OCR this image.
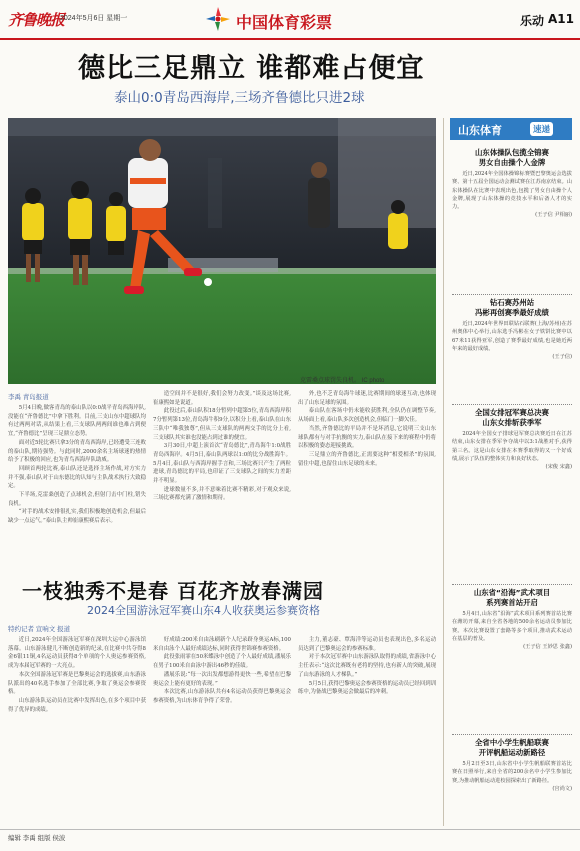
齐鲁晚报
2024年5月6日 星期一	中国体育彩票	乐动 A11
德比三足鼎立 谁都难占便宜
泰山0:0青岛西海岸,三场齐鲁德比只进2球
克雷桑点球罚失良机。 IC photo
李禹 青岛报道

5月4日晚,做客青岛的泰山队以0:0战平青岛西海岸队,没能在“齐鲁德比”中拿下胜利。目前,三支山东中超球队均有过两两对话,从结果上看,三支球队两两间谁也难占到便宜,“齐鲁德比”呈现三足鼎立态势。

面对近5轮比赛只拿3分的青岛西海岸,已经遭受三连败的泰山队,期待强势。与此同时,2000余名主场球迷的热情给予了积极的回应,也为青鸟西海岸队助威。

回顾首两轮比赛,泰山队还是选择主场作战,对方实力并不强,泰山队对于山东德比的认知与主队战术执行大致稳定。

下半场,克雷桑创造了点球机会,但射门击中门柱,错失良机。

“对手的战术安排很扎实,我们积极地创造机会,但最后缺少一点运气。”泰山队主帅崔康熙赛后表示。

造空间并不是很好,我们会努力改变。”谈及这场比赛,崔康熙如是说道。

此役过后,泰山队积18分暂列中超第5位,青岛西海岸积7分暂列第13位,青岛海牛积9分,以积分上看,泰山队在山东三队中“唯我独尊”,但从三支球队的两两交手的比分上看,三支球队其实谁也没能占到过谁的便宜。

3月30日,中超上演首次“青岛德比”,青岛海牛1:0战胜青岛西海岸。4月5日,泰山队两球以1:0的比分战胜海牛。5月4日,泰山队与西海岸握手言和,三场比赛只产生了两粒进球,青岛德比的平局,也印证了三支球队之间的实力差距并不明显。

进球数量不多,并不意味着比赛不精彩,对于观众来说,三场比赛都充满了激情和期待。

外,也不乏青岛海牛球迷,比赛期间的球迷互动,也体现出了山东足球的氛围。

泰山队在客场中仍未能收获胜利,全队仍在调整节奏,从场面上看,泰山队多次创造机会,但临门一脚欠佳。

当然,齐鲁德比的平局并不是坏消息,它说明三支山东球队都有与对手抗衡的实力,泰山队在接下来的赛程中仍将以积极的姿态迎接挑战。

三足鼎立的齐鲁德比,正需要这种“相爱相杀”的氛围,留住中超,也留住山东足球的未来。

一枝独秀不是春 百花齐放春满园
2024全国游泳冠军赛山东4人收获奥运参赛资格
特约记者 宣响文 报道

近日,2024年全国游泳冠军赛在深圳大运中心游泳馆落幕。山东游泳健儿不断创造新的纪录,在比赛中共夺得8金6银11铜,4名运动员获得8个单项的个人奥运参赛资格,成为本届冠军赛的一大亮点。

本次全国游泳冠军赛是巴黎奥运会的选拔赛,山东游泳队派出的40名选手参加了全部比赛,争取了奥运会参赛资格。

山东游泳队运动员在比赛中发挥出色,在多个项目中获得了优异的成绩。

好成绩:200米自由泳刷新个人纪录跻身奥运A标,100米自由泳个人最好成绩达标,同时获得世锦赛参赛资格。

此役张雨霏在50米蝶泳中创造了个人最好成绩,潘展乐在男子100米自由泳中游出46秒的佳绩。

潘展乐说:“每一次出发都想游得更快一些,希望在巴黎奥运会上能有更好的表现。”

本次比赛,山东游泳队共有4名运动员获得巴黎奥运会参赛资格,为山东体育争得了荣誉。

主力,董志豪、覃海洋等运动员也表现出色,多名运动员达到了巴黎奥运会的参赛标准。

对于本次冠军赛中山东游泳队取得的成绩,省游泳中心主任表示:“这次比赛既有老将的坚持,也有新人的突破,展现了山东游泳的人才梯队。”

5月5日,获得巴黎奥运会参赛资格的运动员已经回到训练中,为备战巴黎奥运会做最后的冲刺。

编辑 李禹 组版 侯波
山东体育	速递
山东体操队包揽全锦赛
男女自由操个人金牌

近日,2024年全国体操锦标赛暨巴黎奥运会选拔赛、第十五届全国运动会测试赛在江苏南京结束。山东体操队在比赛中表现出色,包揽了男女自由操个人金牌,展现了山东体操的竞技水平和后备人才的实力。

(王子信 尹相丽)
钻石赛苏州站
冯彬再创赛季最好成绩

近日,2024年世界田联钻石联赛(上海/苏州)在苏州奥体中心举行,山东选手冯彬在女子铁饼比赛中以67米11获得亚军,创造了赛季最好成绩,也是她近两年来的最好成绩。

(王子信)
全国女排冠军赛总决赛
山东女排斩获季军

2024年全国女子排球冠军赛总决赛近日在江苏结束,山东女排在季军争夺战中以3:1战胜对手,获得第三名。这是山东女排在本赛季取得的又一个好成绩,展示了队伍的整体实力和良好状态。

(宋俊 宋鑫)
山东省“沿海”武术项目
系列赛首站开启

5月4日,山东省“沿海”武术项目系列赛首站比赛在潍坊开幕,来自全省各地的500余名运动员参加比赛。本次比赛设置了套路等多个项目,推动武术运动在基层的普及。

(王子信 王妙思 张鑫)
全省中小学生帆船联赛
开评帆船运动新路径

5月2日至3日,山东省中小学生帆船联赛首站比赛在日照举行,来自全省的200余名中小学生参加比赛,为推动帆船运动进校园探索出了新路径。

(宫尚文)
